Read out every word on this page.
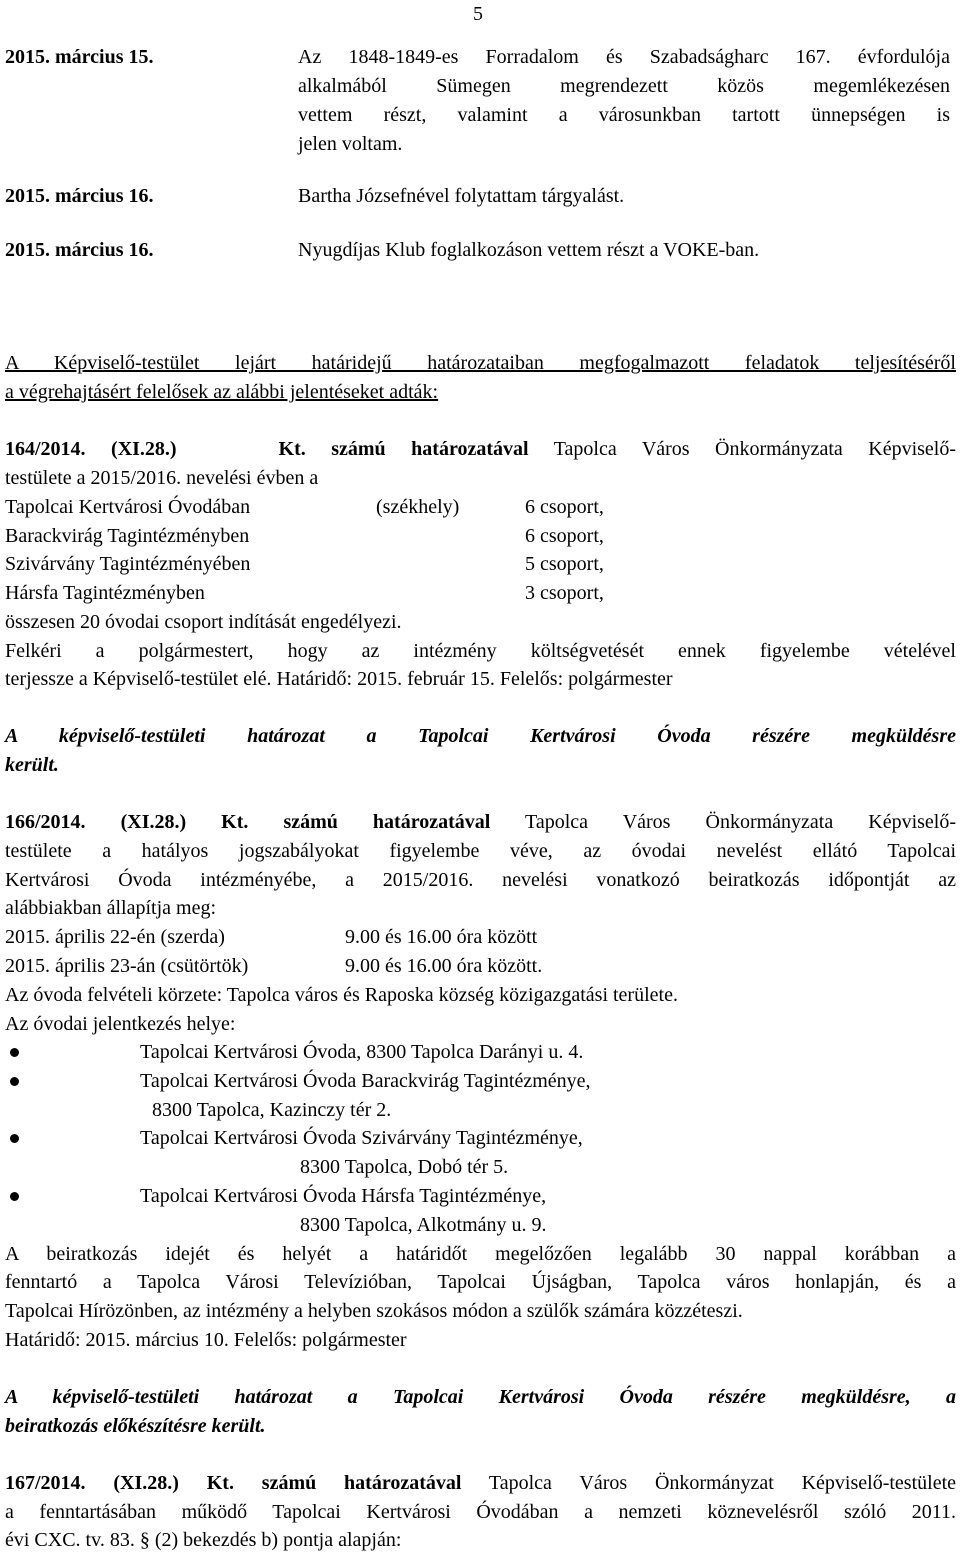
5
2015. március 15.	Az 1848-1849-es Forradalom és Szabadságharc 167. évfordulója
alkalmából Sümegen megrendezett közös megemlékezésen
vettem részt, valamint a városunkban tartott ünnepségen is
jelen voltam.
2015. március 16.	Bartha Józsefnével folytattam tárgyalást.
2015. március 16.	Nyugdíjas Klub foglalkozáson vettem részt a VOKE-ban.
A Képviselő-testület lejárt határidejű határozataiban megfogalmazott feladatok teljesítéséről
a végrehajtásért felelősek az alábbi jelentéseket adták:
164/2014. (XI.28.)	Kt. számú határozatával Tapolca Város Önkormányzata Képviselő-
testülete a 2015/2016. nevelési évben a
Tapolcai Kertvárosi Óvodában	(székhely)	6 csoport,
Barackvirág Tagintézményben	6 csoport,
Szivárvány Tagintézményében	5 csoport,
Hársfa Tagintézményben	3 csoport,
összesen 20 óvodai csoport indítását engedélyezi.
Felkéri a polgármestert, hogy az intézmény költségvetését ennek figyelembe vételével
terjessze a Képviselő-testület elé. Határidő: 2015. február 15. Felelős: polgármester
A képviselő-testületi határozat a Tapolcai Kertvárosi Óvoda részére megküldésre
került.
166/2014. (XI.28.) Kt. számú határozatával Tapolca Város Önkormányzata Képviselő-
testülete a hatályos jogszabályokat figyelembe véve, az óvodai nevelést ellátó Tapolcai
Kertvárosi Óvoda intézményébe, a 2015/2016. nevelési vonatkozó beiratkozás időpontját az
alábbiakban állapítja meg:
2015. április 22-én (szerda)	9.00 és 16.00 óra között
2015. április 23-án (csütörtök)	9.00 és 16.00 óra között.
Az óvoda felvételi körzete: Tapolca város és Raposka község közigazgatási területe.
Az óvodai jelentkezés helye:
Tapolcai Kertvárosi Óvoda, 8300 Tapolca Darányi u. 4.
Tapolcai Kertvárosi Óvoda Barackvirág Tagintézménye,
8300 Tapolca, Kazinczy tér 2.
Tapolcai Kertvárosi Óvoda Szivárvány Tagintézménye,
8300 Tapolca, Dobó tér 5.
Tapolcai Kertvárosi Óvoda Hársfa Tagintézménye,
8300 Tapolca, Alkotmány u. 9.
A beiratkozás idejét és helyét a határidőt megelőzően legalább 30 nappal korábban a
fenntartó a Tapolca Városi Televízióban, Tapolcai Újságban, Tapolca város honlapján, és a
Tapolcai Hírözönben, az intézmény a helyben szokásos módon a szülők számára közzéteszi.
Határidő: 2015. március 10. Felelős: polgármester
A képviselő-testületi határozat a Tapolcai Kertvárosi Óvoda részére megküldésre, a
beiratkozás előkészítésre került.
167/2014. (XI.28.) Kt. számú határozatával Tapolca Város Önkormányzat Képviselő-testülete
a fenntartásában működő Tapolcai Kertvárosi Óvodában a nemzeti köznevelésről szóló 2011.
évi CXC. tv. 83. § (2) bekezdés b) pontja alapján:
